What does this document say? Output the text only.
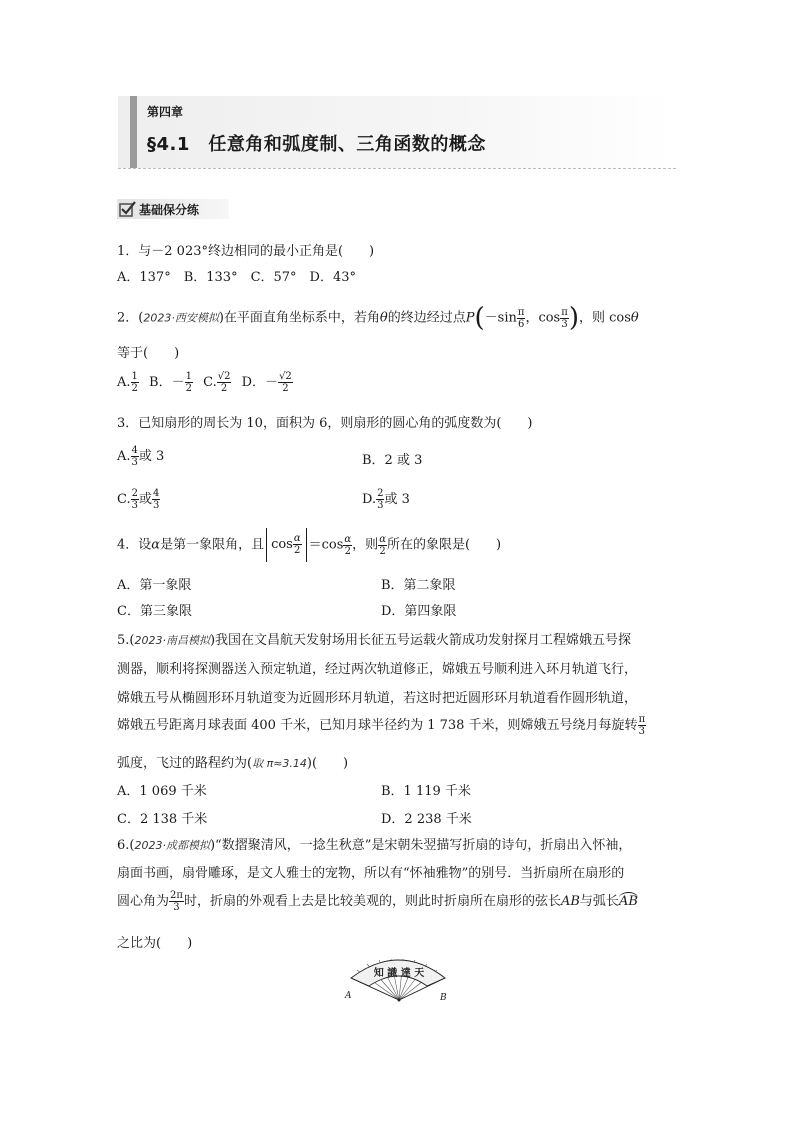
第四章
§4.1　任意角和弧度制、三角函数的概念
基础保分练
1．与－2 023°终边相同的最小正角是(　　)
A．137°　B．133°　C．57°　D．43°
2．(2023·西安模拟)在平面直角坐标系中，若角θ的终边经过点$P(-\sin \frac{\pi}{6}$ ，$\cos \frac{\pi}{3}$ )，则 cosθ
等于(　　)
A. $\frac{1}{2}$ B．－ $\frac{1}{2} C$. $\frac{√2}{2}$ D．－ $\frac{√2}{2}$
3．已知扇形的周长为 10，面积为 6，则扇形的圆心角的弧度数为(　　)
A. $\frac{4}{3}$ 或 3	B．2 或 3
C. $\frac{2}{3}$ 或 $\frac{4}{3}$	D. $\frac{2}{3}$ 或 3
4．设α是第一象限角，且 $\cos \frac{\alpha}{2} =\cos \frac{\alpha}{2}$ ，则 $\frac{\alpha}{2}$ 所在的象限是(　　)
A．第一象限	B．第二象限
C．第三象限	D．第四象限
5.(2023·南昌模拟)我国在文昌航天发射场用长征五号运载火箭成功发射探月工程嫦娥五号探
测器，顺利将探测器送入预定轨道，经过两次轨道修正，嫦娥五号顺利进入环月轨道飞行，
嫦娥五号从椭圆形环月轨道变为近圆形环月轨道，若这时把近圆形环月轨道看作圆形轨道，
嫦娥五号距离月球表面 400 千米，已知月球半径约为 1 738 千米，则嫦娥五号绕月每旋转 $\frac{\pi}{3}$
弧度，飞过的路程约为(取 π≈3.14)(　　)
A．1 069 千米	B．1 119 千米
C．2 138 千米	D．2 238 千米
6.(2023·成都模拟)“数摺聚清风，一捻生秋意”是宋朝朱翌描写折扇的诗句，折扇出入怀袖，
扇面书画，扇骨雕琢，是文人雅士的宠物，所以有“怀袖雅物”的别号．当折扇所在扇形的
圆心角为 $\frac{2\pi}{3}$ 时，折扇的外观看上去是比较美观的，则此时折扇所在扇形的弦长AB与弧长AB
之比为(　　)
知 識 達 天
A	B
